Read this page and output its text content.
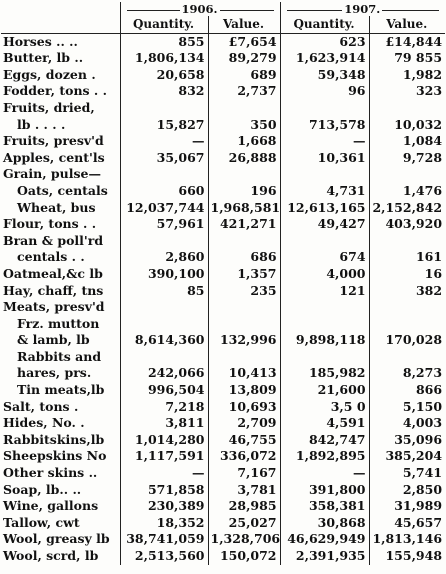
	1906.		1907.	
	Quantity.	Value.	Quantity.	Value.
Horses .. ..	855	£7,654	623	£14,844
Butter, lb ..	1,806,134	89,279	1,623,914	79 855
Eggs, dozen .	20,658	689	59,348	1,982
Fodder, tons . .	832	2,737	96	323
Fruits, dried,				
lb . . . .	15,827	350	713,578	10,032
Fruits, presv'd	—	1,668	—	1,084
Apples, cent'ls	35,067	26,888	10,361	9,728
Grain, pulse—				
Oats, centals	660	196	4,731	1,476
Wheat, bus	12,037,744	1,968,581	12,613,165	2,152,842
Flour, tons . .	57,961	421,271	49,427	403,920
Bran & poll'rd				
centals . .	2,860	686	674	161
Oatmeal,&c lb	390,100	1,357	4,000	16
Hay, chaff, tns	85	235	121	382
Meats, presv'd				
Frz. mutton				
& lamb, lb	8,614,360	132,996	9,898,118	170,028
Rabbits and				
hares, prs.	242,066	10,413	185,982	8,273
Tin meats,lb	996,504	13,809	21,600	866
Salt, tons .	7,218	10,693	3,5 0	5,150
Hides, No. .	3,811	2,709	4,591	4,003
Rabbitskins,lb	1,014,280	46,755	842,747	35,096
Sheepskins No	1,117,591	336,072	1,892,895	385,204
Other skins ..	—	7,167	—	5,741
Soap, lb.. ..	571,858	3,781	391,800	2,850
Wine, gallons	230,389	28,985	358,381	31,989
Tallow, cwt	18,352	25,027	30,868	45,657
Wool, greasy lb	38,741,059	1,328,706	46,629,949	1,813,146
Wool, scrd, lb	2,513,560	150,072	2,391,935	155,948
